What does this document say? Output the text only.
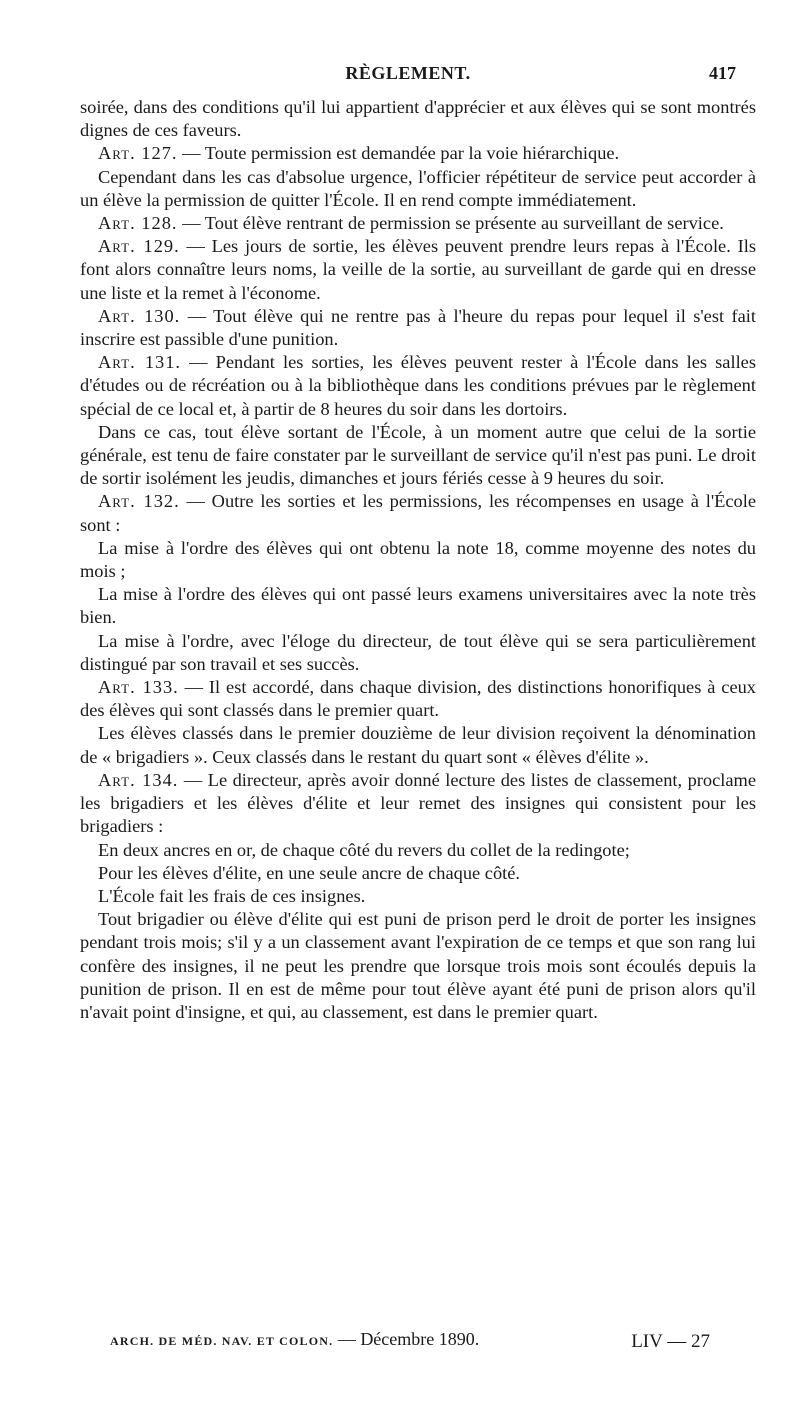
RÈGLEMENT.	417

soirée, dans des conditions qu'il lui appartient d'apprécier et aux élèves qui se sont montrés dignes de ces faveurs.

Art. 127. — Toute permission est demandée par la voie hiérarchique.

Cependant dans les cas d'absolue urgence, l'officier répétiteur de service peut accorder à un élève la permission de quitter l'École. Il en rend compte immédiatement.

Art. 128. — Tout élève rentrant de permission se présente au surveillant de service.

Art. 129. — Les jours de sortie, les élèves peuvent prendre leurs repas à l'École. Ils font alors connaître leurs noms, la veille de la sortie, au surveillant de garde qui en dresse une liste et la remet à l'économe.

Art. 130. — Tout élève qui ne rentre pas à l'heure du repas pour lequel il s'est fait inscrire est passible d'une punition.

Art. 131. — Pendant les sorties, les élèves peuvent rester à l'École dans les salles d'études ou de récréation ou à la bibliothèque dans les conditions prévues par le règlement spécial de ce local et, à partir de 8 heures du soir dans les dortoirs.

Dans ce cas, tout élève sortant de l'École, à un moment autre que celui de la sortie générale, est tenu de faire constater par le surveillant de service qu'il n'est pas puni. Le droit de sortir isolément les jeudis, dimanches et jours fériés cesse à 9 heures du soir.

Art. 132. — Outre les sorties et les permissions, les récompenses en usage à l'École sont :

La mise à l'ordre des élèves qui ont obtenu la note 18, comme moyenne des notes du mois ;

La mise à l'ordre des élèves qui ont passé leurs examens universitaires avec la note très bien.

La mise à l'ordre, avec l'éloge du directeur, de tout élève qui se sera particulièrement distingué par son travail et ses succès.

Art. 133. — Il est accordé, dans chaque division, des distinctions honorifiques à ceux des élèves qui sont classés dans le premier quart.

Les élèves classés dans le premier douzième de leur division reçoivent la dénomination de « brigadiers ». Ceux classés dans le restant du quart sont « élèves d'élite ».

Art. 134. — Le directeur, après avoir donné lecture des listes de classement, proclame les brigadiers et les élèves d'élite et leur remet des insignes qui consistent pour les brigadiers :

En deux ancres en or, de chaque côté du revers du collet de la redingote;

Pour les élèves d'élite, en une seule ancre de chaque côté.

L'École fait les frais de ces insignes.

Tout brigadier ou élève d'élite qui est puni de prison perd le droit de porter les insignes pendant trois mois; s'il y a un classement avant l'expiration de ce temps et que son rang lui confère des insignes, il ne peut les prendre que lorsque trois mois sont écoulés depuis la punition de prison. Il en est de même pour tout élève ayant été puni de prison alors qu'il n'avait point d'insigne, et qui, au classement, est dans le premier quart.

ARCH. DE MÉD. NAV. ET COLON. — Décembre 1890.	LIV — 27
